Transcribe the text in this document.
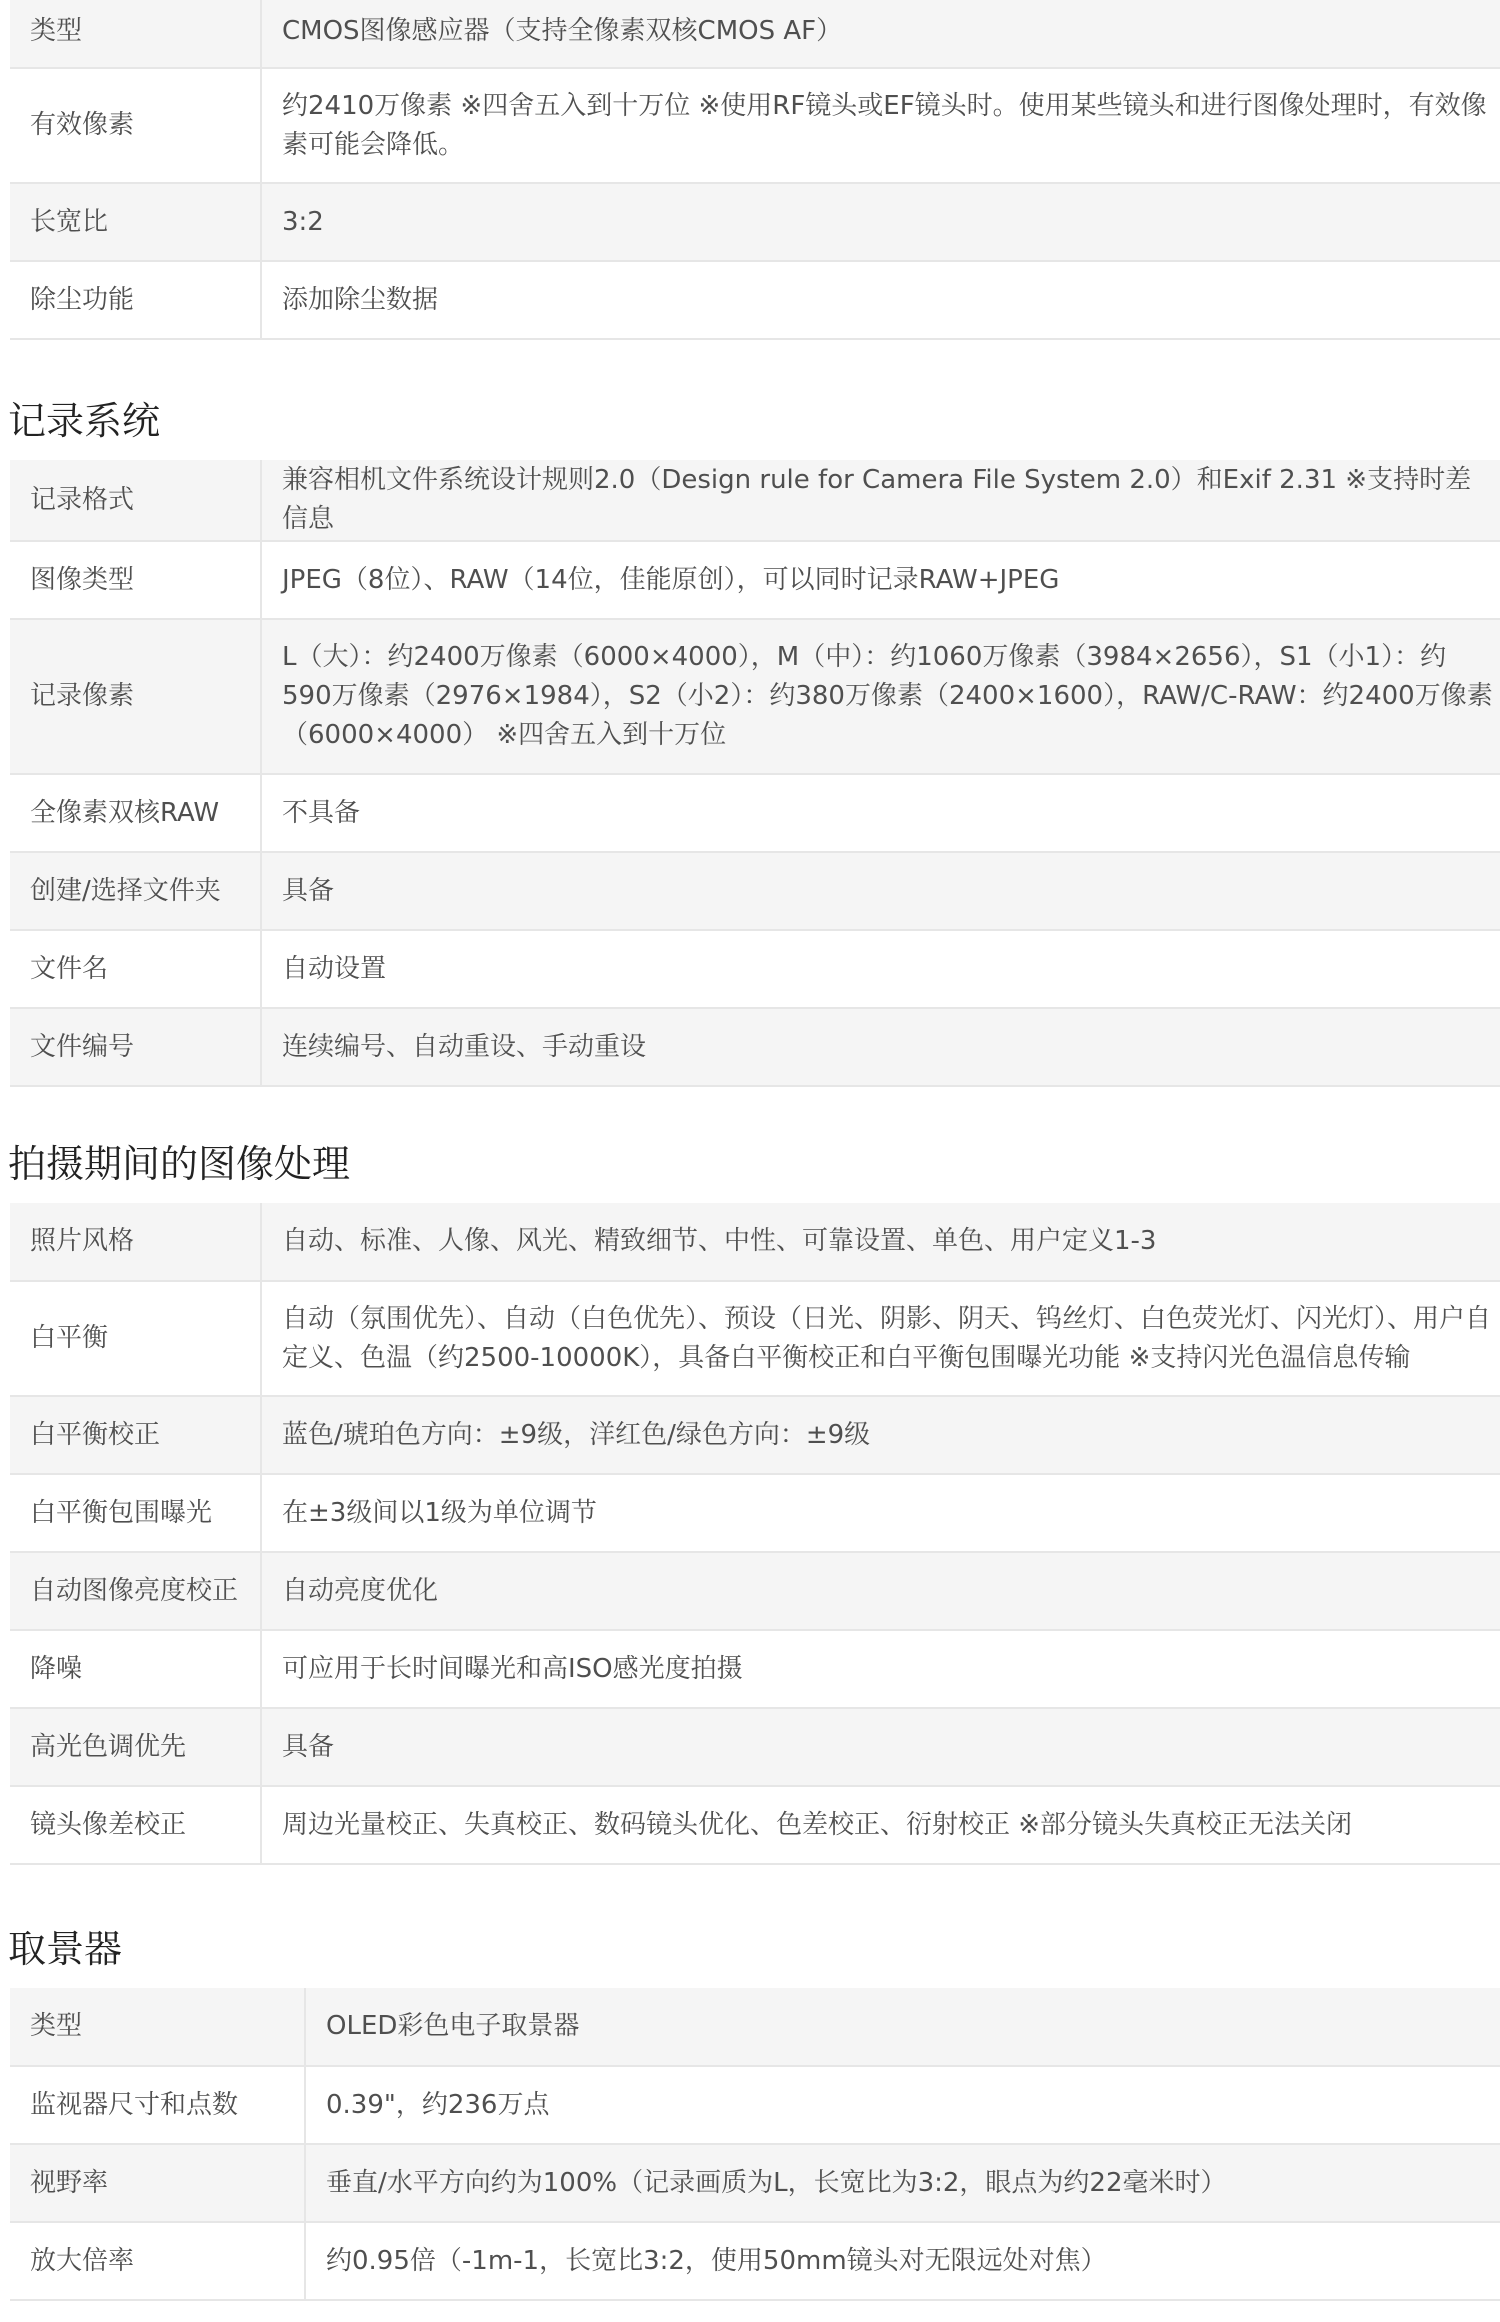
类型	CMOS图像感应器（支持全像素双核CMOS AF）
有效像素	约2410万像素 ※四舍五入到十万位 ※使用RF镜头或EF镜头时。使用某些镜头和进行图像处理时，有效像素可能会降低。
长宽比	3:2
除尘功能	添加除尘数据
记录系统
记录格式	兼容相机文件系统设计规则2.0（Design rule for Camera File System 2.0）和Exif 2.31 ※支持时差信息
图像类型	JPEG（8位）、RAW（14位，佳能原创），可以同时记录RAW+JPEG
记录像素	L（大）：约2400万像素（6000×4000），M（中）：约1060万像素（3984×2656），S1（小1）：约590万像素（2976×1984），S2（小2）：约380万像素（2400×1600），RAW/C-RAW：约2400万像素（6000×4000） ※四舍五入到十万位
全像素双核RAW	不具备
创建/选择文件夹	具备
文件名	自动设置
文件编号	连续编号、自动重设、手动重设
拍摄期间的图像处理
照片风格	自动、标准、人像、风光、精致细节、中性、可靠设置、单色、用户定义1-3
白平衡	自动（氛围优先）、自动（白色优先）、预设（日光、阴影、阴天、钨丝灯、白色荧光灯、闪光灯）、用户自定义、色温（约2500-10000K），具备白平衡校正和白平衡包围曝光功能 ※支持闪光色温信息传输
白平衡校正	蓝色/琥珀色方向：±9级，洋红色/绿色方向：±9级
白平衡包围曝光	在±3级间以1级为单位调节
自动图像亮度校正	自动亮度优化
降噪	可应用于长时间曝光和高ISO感光度拍摄
高光色调优先	具备
镜头像差校正	周边光量校正、失真校正、数码镜头优化、色差校正、衍射校正 ※部分镜头失真校正无法关闭
取景器
类型	OLED彩色电子取景器
监视器尺寸和点数	0.39"，约236万点
视野率	垂直/水平方向约为100%（记录画质为L，长宽比为3:2，眼点为约22毫米时）
放大倍率	约0.95倍（-1m-1，长宽比3:2，使用50mm镜头对无限远处对焦）
